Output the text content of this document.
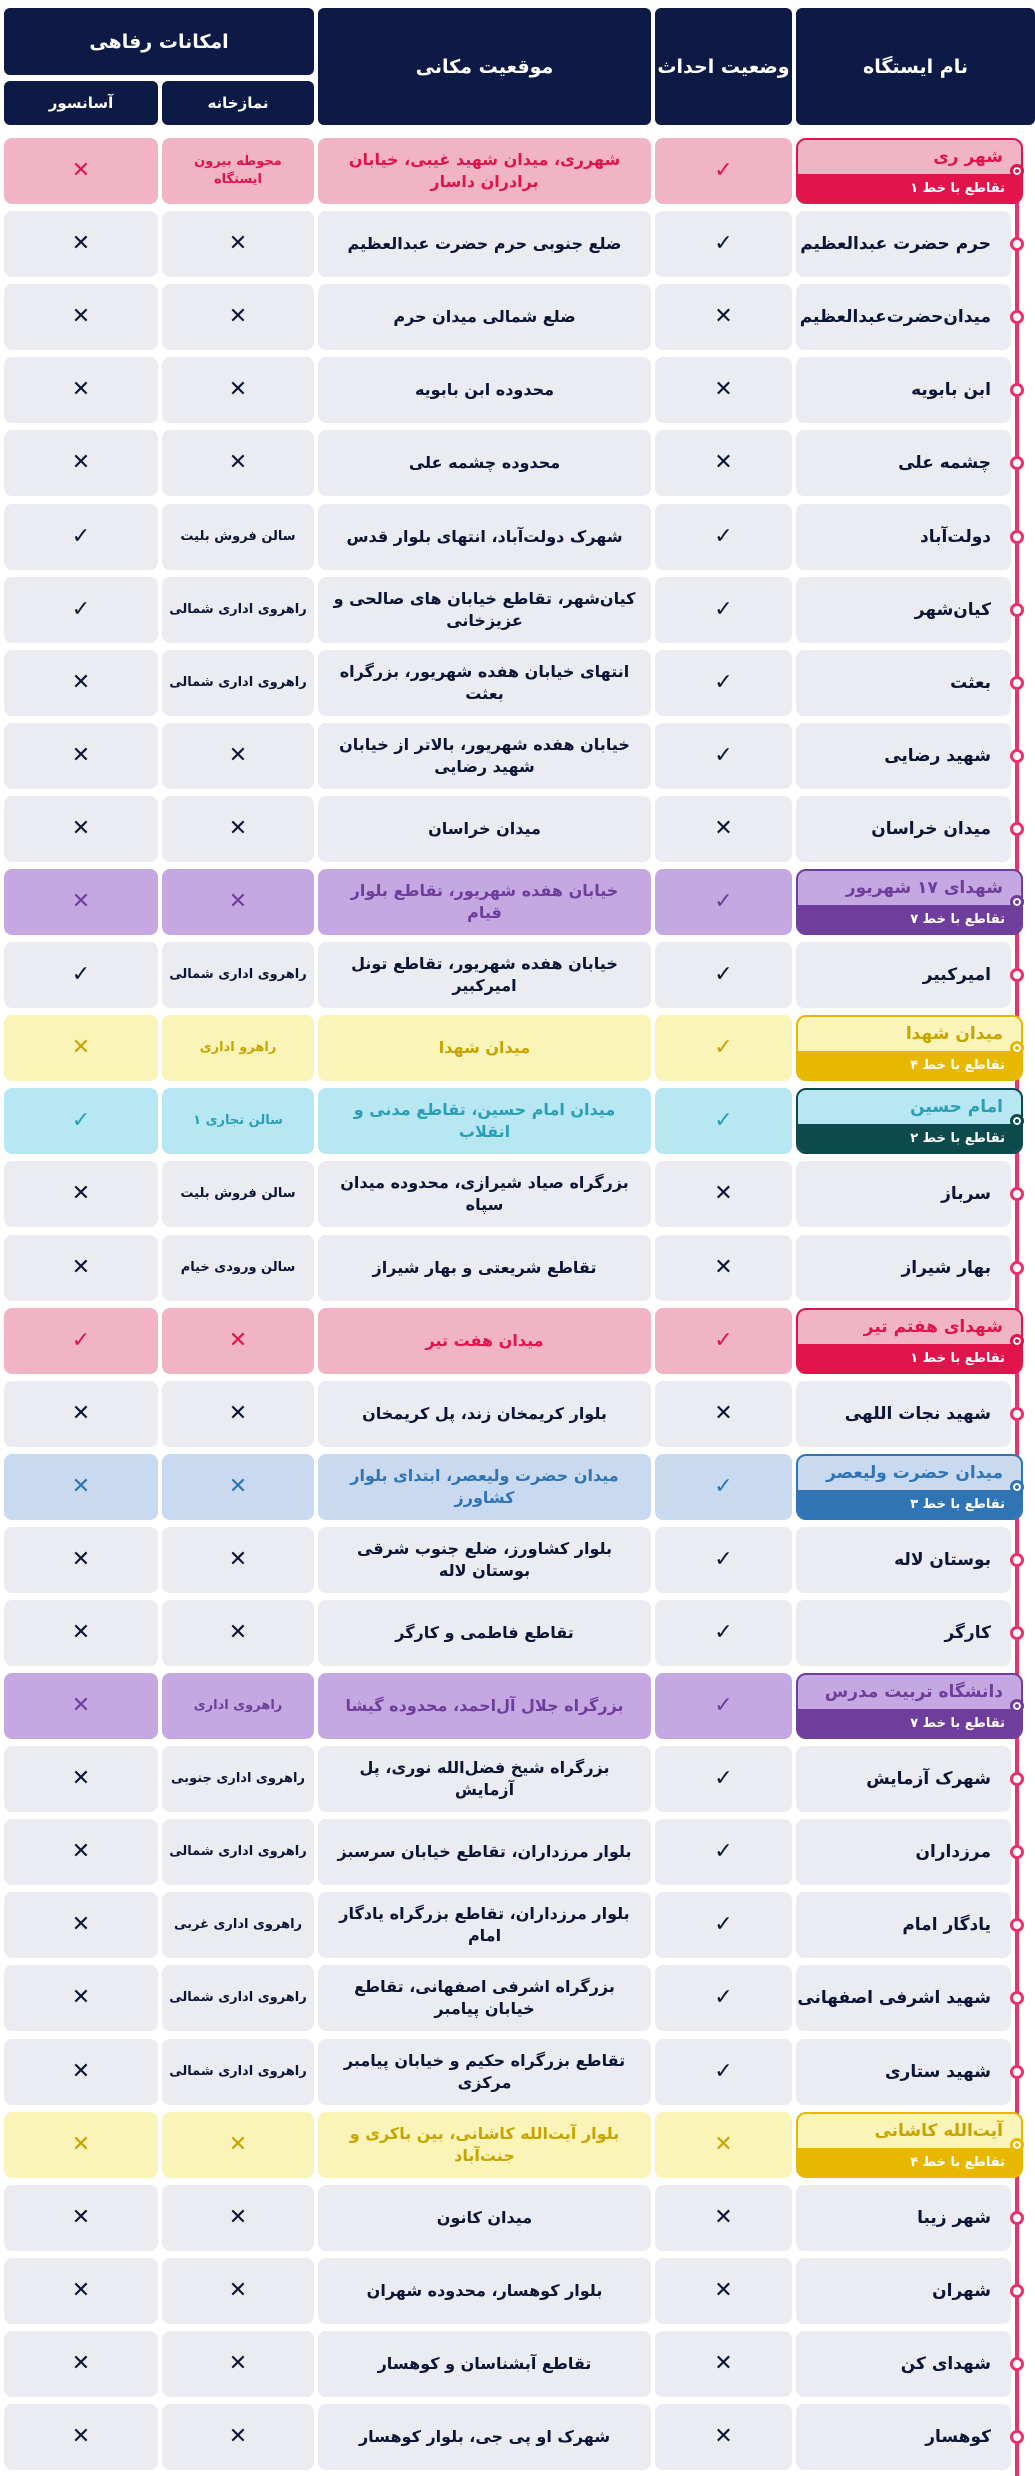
نام ایستگاه
وضعیت احداث
موقعیت مکانی
امکانات رفاهی
نمازخانه
آسانسور
شهر ری
تقاطع با خط ۱
✓
شهرری، میدان شهید غیبی، خیابان برادران داسار
محوطه بیرون ایستگاه
✕
حرم حضرت عبدالعظیم
✓
ضلع جنوبی حرم حضرت عبدالعظیم
✕
✕
میدان‌حضرت‌عبدالعظیم
✕
ضلع شمالی میدان حرم
✕
✕
ابن بابویه
✕
محدوده ابن بابویه
✕
✕
چشمه علی
✕
محدوده چشمه علی
✕
✕
دولت‌آباد
✓
شهرک دولت‌آباد، انتهای بلوار قدس
سالن فروش بلیت
✓
کیان‌شهر
✓
کیان‌شهر، تقاطع خیابان های صالحی و عزیزخانی
راهروی اداری شمالی
✓
بعثت
✓
انتهای خیابان هفده شهریور، بزرگراه بعثت
راهروی اداری شمالی
✕
شهید رضایی
✓
خیابان هفده شهریور، بالاتر از خیابان شهید رضایی
✕
✕
میدان خراسان
✕
میدان خراسان
✕
✕
شهدای ۱۷ شهریور
تقاطع با خط ۷
✓
خیابان هفده شهریور، تقاطع بلوار قیام
✕
✕
امیرکبیر
✓
خیابان هفده شهریور، تقاطع تونل امیرکبیر
راهروی اداری شمالی
✓
میدان شهدا
تقاطع با خط ۴
✓
میدان شهدا
راهرو اداری
✕
امام حسین
تقاطع با خط ۲
✓
میدان امام حسین، تقاطع مدنی و انقلاب
سالن تجاری ۱
✓
سرباز
✕
بزرگراه صیاد شیرازی، محدوده میدان سپاه
سالن فروش بلیت
✕
بهار شیراز
✕
تقاطع شریعتی و بهار شیراز
سالن ورودی خیام
✕
شهدای هفتم تیر
تقاطع با خط ۱
✓
میدان هفت تیر
✕
✓
شهید نجات اللهی
✕
بلوار کریمخان زند، پل کریمخان
✕
✕
میدان حضرت ولیعصر
تقاطع با خط ۳
✓
میدان حضرت ولیعصر، ابتدای بلوار کشاورز
✕
✕
بوستان لاله
✓
بلوار کشاورز، ضلع جنوب شرقی بوستان لاله
✕
✕
کارگر
✓
تقاطع فاطمی و کارگر
✕
✕
دانشگاه تربیت مدرس
تقاطع با خط ۷
✓
بزرگراه جلال آل‌احمد، محدوده گیشا
راهروی اداری
✕
شهرک آزمایش
✓
بزرگراه شیخ فضل‌الله نوری، پل آزمایش
راهروی اداری جنوبی
✕
مرزداران
✓
بلوار مرزداران، تقاطع خیابان سرسبز
راهروی اداری شمالی
✕
یادگار امام
✓
بلوار مرزداران، تقاطع بزرگراه یادگار امام
راهروی اداری غربی
✕
شهید اشرفی اصفهانی
✓
بزرگراه اشرفی اصفهانی، تقاطع خیابان پیامبر
راهروی اداری شمالی
✕
شهید ستاری
✓
تقاطع بزرگراه حکیم و خیابان پیامبر مرکزی
راهروی اداری شمالی
✕
آیت‌الله کاشانی
تقاطع با خط ۴
✕
بلوار آیت‌الله کاشانی، بین باکری و جنت‌آباد
✕
✕
شهر زیبا
✕
میدان کانون
✕
✕
شهران
✕
بلوار کوهسار، محدوده شهران
✕
✕
شهدای کن
✕
تقاطع آبشناسان و کوهسار
✕
✕
کوهسار
✕
شهرک او پی جی، بلوار کوهسار
✕
✕
